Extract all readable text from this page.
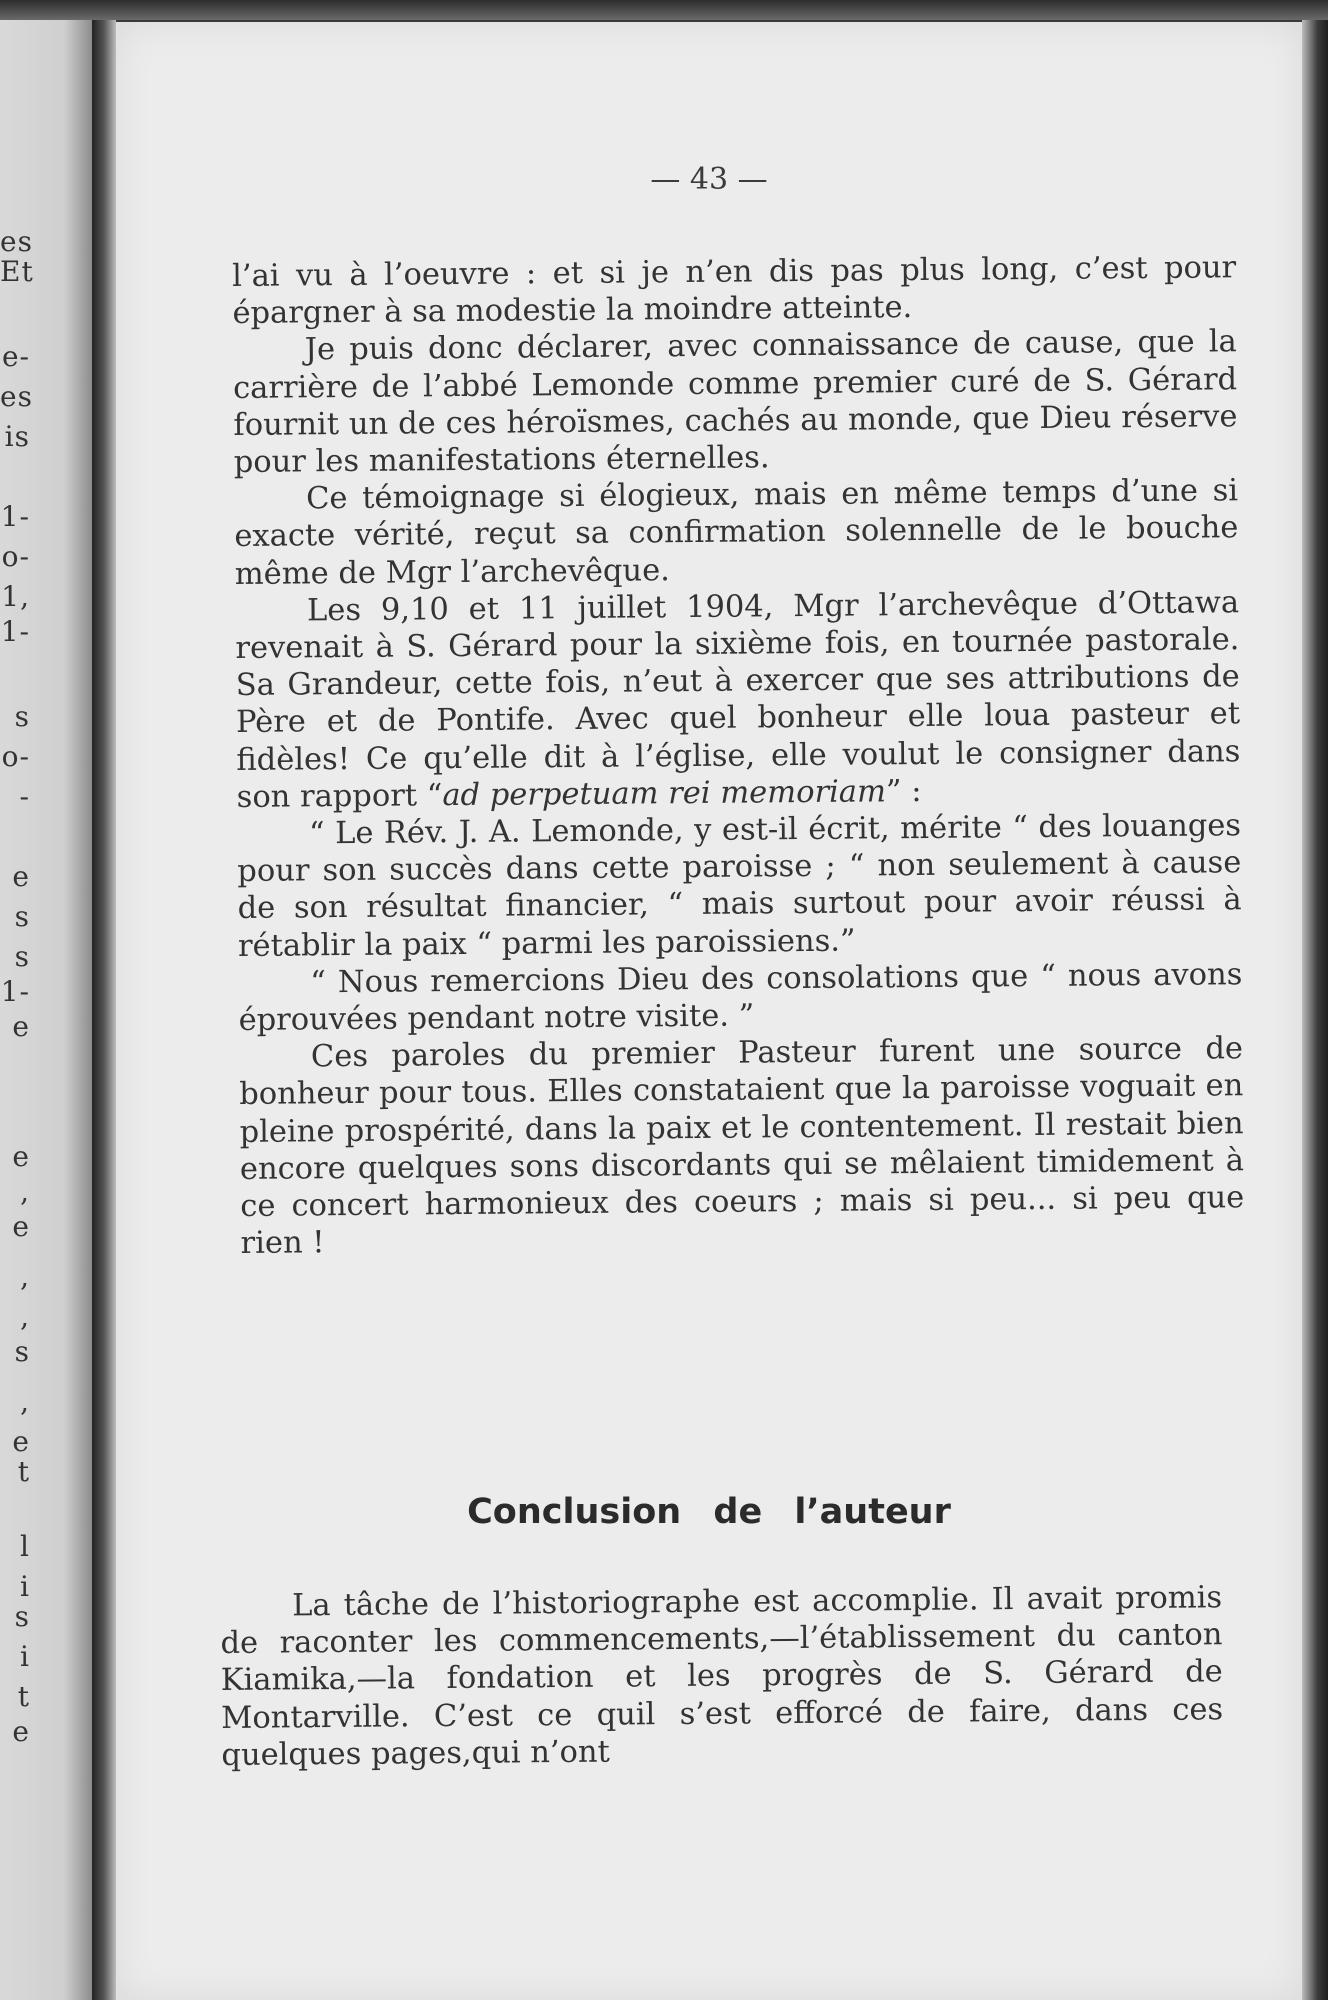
es
Et
e-
es
is
1-
o-
1,
1-
s
o-
-
e
s
s
1-
e
e
,
e
,
,
s
,
e
t
l
i
s
i
t
e
— 43 —

l’ai vu à l’oeuvre : et si je n’en dis pas plus long, c’est pour épargner à sa modestie la moindre atteinte.

Je puis donc déclarer, avec connaissance de cause, que la carrière de l’abbé Lemonde comme premier curé de S. Gérard fournit un de ces héroïsmes, cachés au monde, que Dieu réserve pour les manifestations éternelles.

Ce témoignage si élogieux, mais en même temps d’une si exacte vérité, reçut sa confirmation solennelle de le bouche même de Mgr l’archevêque.

Les 9,10 et 11 juillet 1904, Mgr l’archevêque d’Ottawa revenait à S. Gérard pour la sixième fois, en tournée pastorale. Sa Grandeur, cette fois, n’eut à exercer que ses attributions de Père et de Pontife. Avec quel bonheur elle loua pasteur et fidèles! Ce qu’elle dit à l’église, elle voulut le consigner dans son rapport “ad perpetuam rei memoriam” :

“ Le Rév. J. A. Lemonde, y est-il écrit, mérite “ des louanges pour son succès dans cette paroisse ; “ non seulement à cause de son résultat financier, “ mais surtout pour avoir réussi à rétablir la paix “ parmi les paroissiens.”

“ Nous remercions Dieu des consolations que “ nous avons éprouvées pendant notre visite. ”

Ces paroles du premier Pasteur furent une source de bonheur pour tous. Elles constataient que la paroisse voguait en pleine prospérité, dans la paix et le contentement. Il restait bien encore quelques sons discordants qui se mêlaient timidement à ce concert harmonieux des coeurs ; mais si peu... si peu que rien !

Conclusion de l’auteur

La tâche de l’historiographe est accomplie. Il avait promis de raconter les commencements,—l’établissement du canton Kiamika,—la fondation et les progrès de S. Gérard de Montarville. C’est ce quil s’est efforcé de faire, dans ces quelques pages,qui n’ont
